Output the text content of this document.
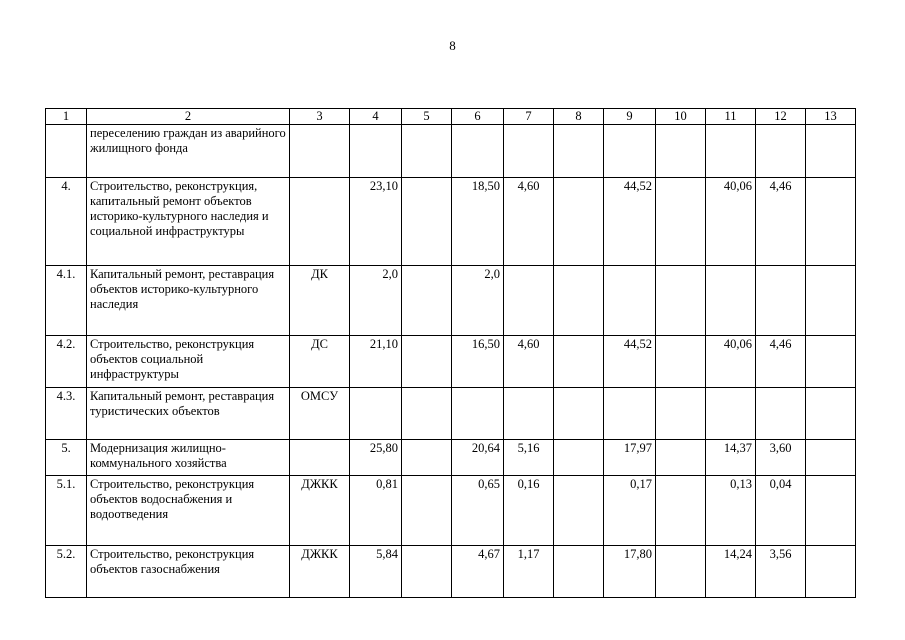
8
1	2	3	4	5	6	7	8	9	10	11	12	13
	переселению граждан из аварийного жилищного фонда											
4.	Строительство, реконструкция, капитальный ремонт объектов историко-культурного наследия и социальной инфраструктуры		23,10		18,50	4,60		44,52		40,06	4,46	
4.1.	Капитальный ремонт, реставрация объектов историко-культурного наследия	ДК	2,0		2,0							
4.2.	Строительство, реконструкция объектов социальной инфраструктуры	ДС	21,10		16,50	4,60		44,52		40,06	4,46	
4.3.	Капитальный ремонт, реставрация туристических объектов	ОМСУ										
5.	Модернизация жилищно-коммунального хозяйства		25,80		20,64	5,16		17,97		14,37	3,60	
5.1.	Строительство, реконструкция объектов водоснабжения и водоотведения	ДЖКК	0,81		0,65	0,16		0,17		0,13	0,04	
5.2.	Строительство, реконструкция объектов газоснабжения	ДЖКК	5,84		4,67	1,17		17,80		14,24	3,56	
